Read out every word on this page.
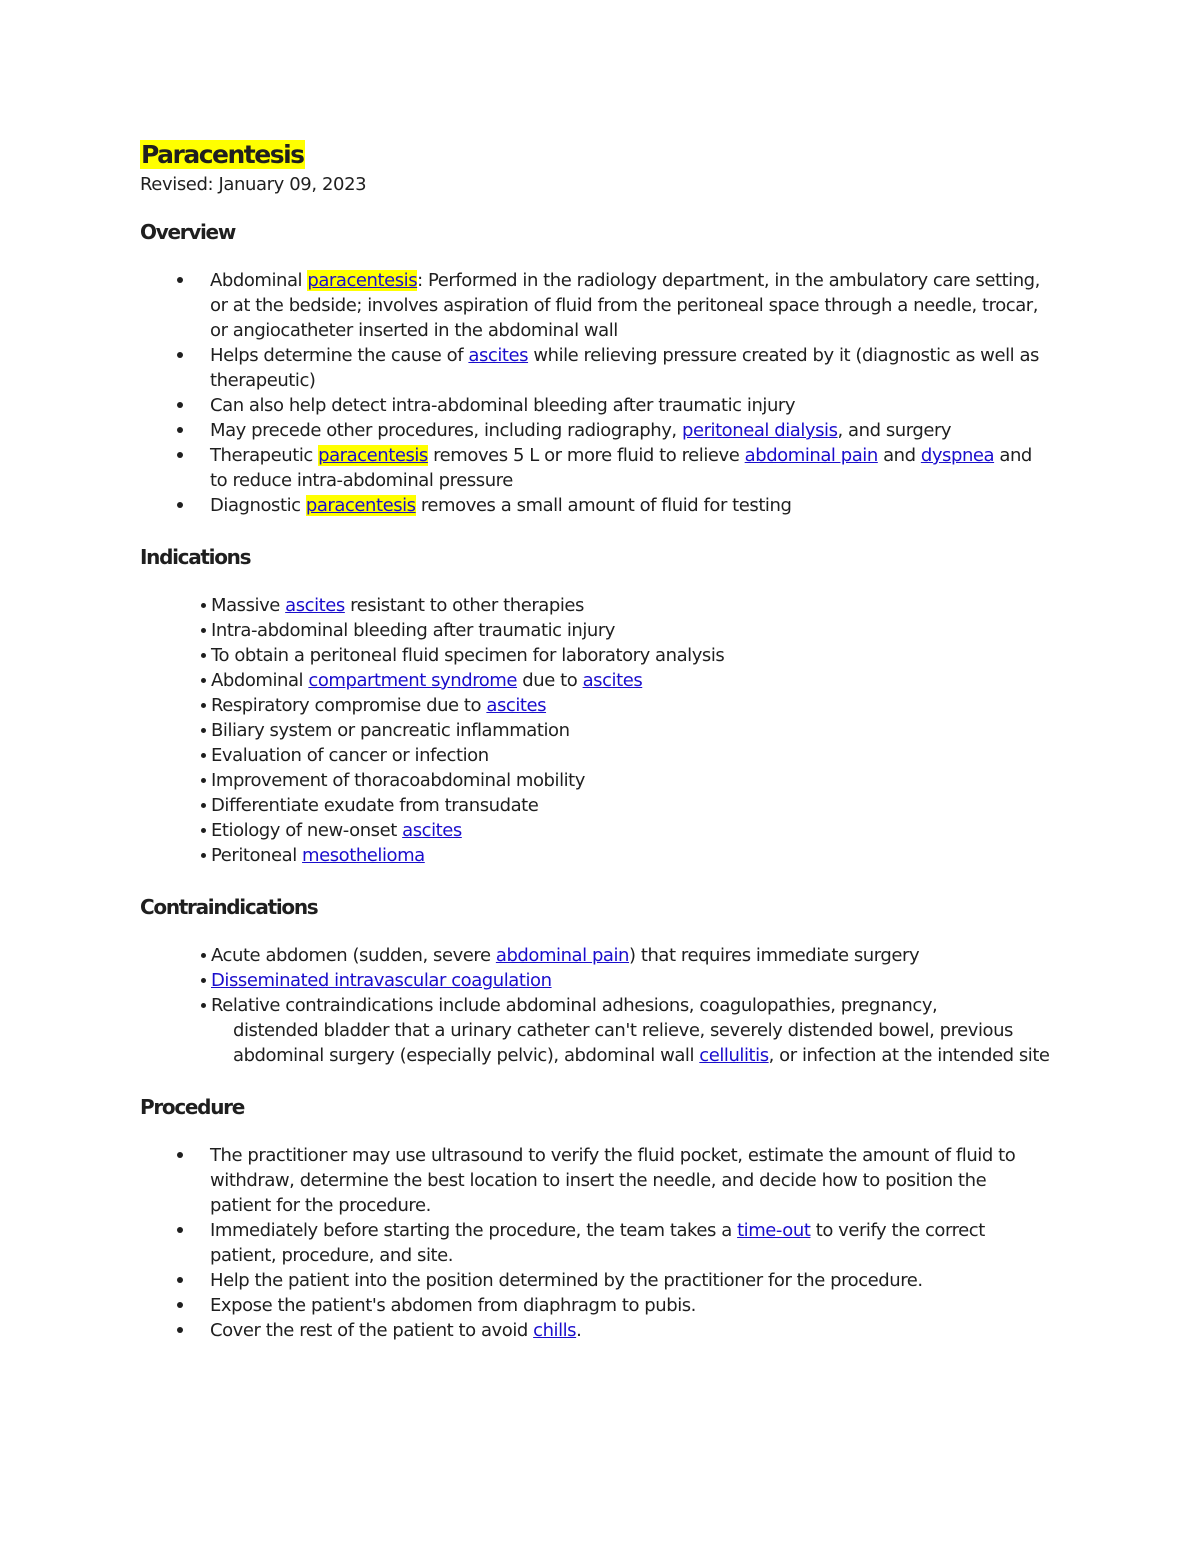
Paracentesis
Revised: January 09, 2023
Overview
Abdominal paracentesis: Performed in the radiology department, in the ambulatory care setting, or at the bedside; involves aspiration of fluid from the peritoneal space through a needle, trocar, or angiocatheter inserted in the abdominal wall
Helps determine the cause of ascites while relieving pressure created by it (diagnostic as well as therapeutic)
Can also help detect intra-abdominal bleeding after traumatic injury
May precede other procedures, including radiography, peritoneal dialysis, and surgery
Therapeutic paracentesis removes 5 L or more fluid to relieve abdominal pain and dyspnea and to reduce intra-abdominal pressure
Diagnostic paracentesis removes a small amount of fluid for testing
Indications
Massive ascites resistant to other therapies
Intra-abdominal bleeding after traumatic injury
To obtain a peritoneal fluid specimen for laboratory analysis
Abdominal compartment syndrome due to ascites
Respiratory compromise due to ascites
Biliary system or pancreatic inflammation
Evaluation of cancer or infection
Improvement of thoracoabdominal mobility
Differentiate exudate from transudate
Etiology of new-onset ascites
Peritoneal mesothelioma
Contraindications
Acute abdomen (sudden, severe abdominal pain) that requires immediate surgery
Disseminated intravascular coagulation
Relative contraindications include abdominal adhesions, coagulopathies, pregnancy,
distended bladder that a urinary catheter can't relieve, severely distended bowel, previous abdominal surgery (especially pelvic), abdominal wall cellulitis, or infection at the intended site
Procedure
The practitioner may use ultrasound to verify the fluid pocket, estimate the amount of fluid to withdraw, determine the best location to insert the needle, and decide how to position the patient for the procedure.
Immediately before starting the procedure, the team takes a time-out to verify the correct patient, procedure, and site.
Help the patient into the position determined by the practitioner for the procedure.
Expose the patient's abdomen from diaphragm to pubis.
Cover the rest of the patient to avoid chills.
